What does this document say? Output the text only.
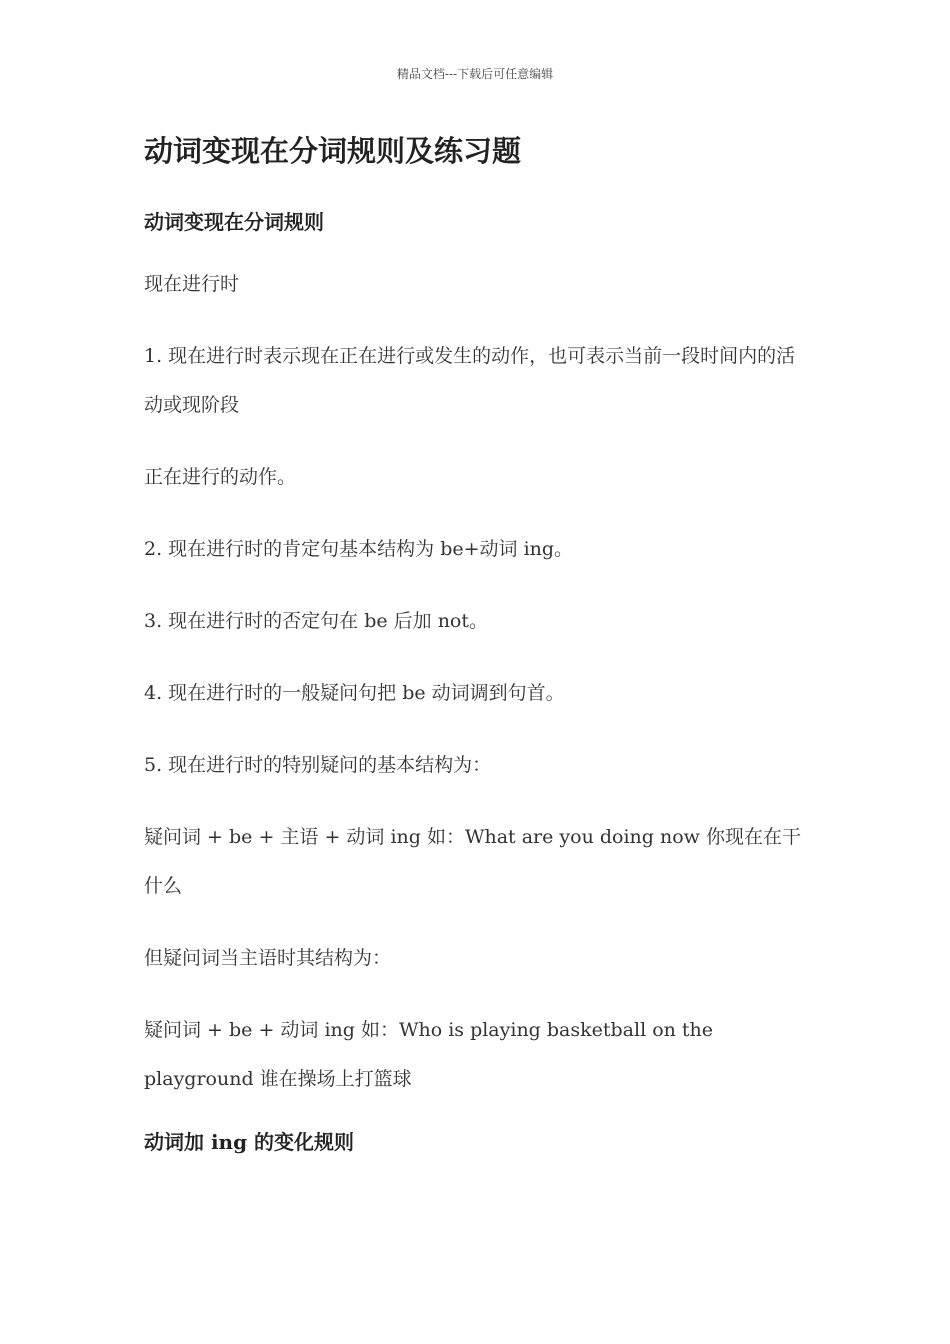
精品文档---下载后可任意编辑
动词变现在分词规则及练习题
动词变现在分词规则

现在进行时

1. 现在进行时表示现在正在进行或发生的动作，也可表示当前一段时间内的活动或现阶段

正在进行的动作。

2. 现在进行时的肯定句基本结构为 be+动词 ing。

3. 现在进行时的否定句在 be 后加 not。

4. 现在进行时的一般疑问句把 be 动词调到句首。

5. 现在进行时的特别疑问的基本结构为：

疑问词 + be + 主语 + 动词 ing 如：What are you doing now 你现在在干什么

但疑问词当主语时其结构为：

疑问词 + be + 动词 ing 如：Who is playing basketball on the playground 谁在操场上打篮球

动词加 ing 的变化规则
